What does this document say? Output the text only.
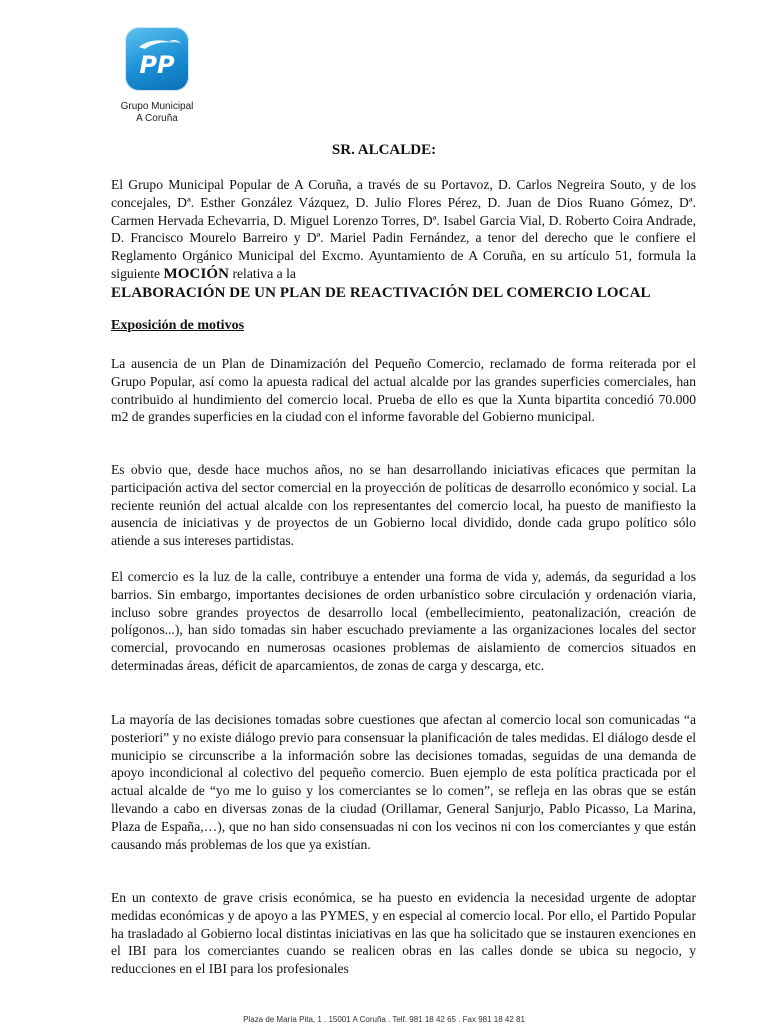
PP
Grupo Municipal
A Coruña
SR. ALCALDE:
El Grupo Municipal Popular de A Coruña, a través de su Portavoz, D. Carlos Negreira Souto, y de los concejales, Dª. Esther González Vázquez, D. Julio Flores Pérez, D. Juan de Dios Ruano Gómez, Dª. Carmen Hervada Echevarria, D. Miguel Lorenzo Torres, Dª. Isabel Garcia Vial, D. Roberto Coira Andrade, D. Francisco Mourelo Barreiro y Dª. Mariel Padin Fernández, a tenor del derecho que le confiere el Reglamento Orgánico Municipal del Excmo. Ayuntamiento de A Coruña, en su artículo 51, formula la siguiente MOCIÓN relativa a la
ELABORACIÓN DE UN PLAN DE REACTIVACIÓN DEL COMERCIO LOCAL
Exposición de motivos
La ausencia de un Plan de Dinamización del Pequeño Comercio, reclamado de forma reiterada por el Grupo Popular, así como la apuesta radical del actual alcalde por las grandes superficies comerciales, han contribuido al hundimiento del comercio local. Prueba de ello es que la Xunta bipartita concedió 70.000 m2 de grandes superficies en la ciudad con el informe favorable del Gobierno municipal.
Es obvio que, desde hace muchos años, no se han desarrollando iniciativas eficaces que permitan la participación activa del sector comercial en la proyección de políticas de desarrollo económico y social. La reciente reunión del actual alcalde con los representantes del comercio local, ha puesto de manifiesto la ausencia de iniciativas y de proyectos de un Gobierno local dividido, donde cada grupo político sólo atiende a sus intereses partidistas.
El comercio es la luz de la calle, contribuye a entender una forma de vida y, además, da seguridad a los barrios. Sin embargo, importantes decisiones de orden urbanístico sobre circulación y ordenación viaria, incluso sobre grandes proyectos de desarrollo local (embellecimiento, peatonalización, creación de polígonos...), han sido tomadas sin haber escuchado previamente a las organizaciones locales del sector comercial, provocando en numerosas ocasiones problemas de aislamiento de comercios situados en determinadas áreas, déficit de aparcamientos, de zonas de carga y descarga, etc.
La mayoría de las decisiones tomadas sobre cuestiones que afectan al comercio local son comunicadas “a posteriori” y no existe diálogo previo para consensuar la planificación de tales medidas. El diálogo desde el municipio se circunscribe a la información sobre las decisiones tomadas, seguidas de una demanda de apoyo incondicional al colectivo del pequeño comercio. Buen ejemplo de esta política practicada por el actual alcalde de “yo me lo guiso y los comerciantes se lo comen”, se refleja en las obras que se están llevando a cabo en diversas zonas de la ciudad (Orillamar, General Sanjurjo, Pablo Picasso, La Marina, Plaza de España,…), que no han sido consensuadas ni con los vecinos ni con los comerciantes y que están causando más problemas de los que ya existían.
En un contexto de grave crisis económica, se ha puesto en evidencia la necesidad urgente de adoptar medidas económicas y de apoyo a las PYMES, y en especial al comercio local. Por ello, el Partido Popular ha trasladado al Gobierno local distintas iniciativas en las que ha solicitado que se instauren exenciones en el IBI para los comerciantes cuando se realicen obras en las calles donde se ubica su negocio, y reducciones en el IBI para los profesionales
Plaza de María Pita, 1 . 15001 A Coruña . Telf. 981 18 42 65 . Fax 981 18 42 81
